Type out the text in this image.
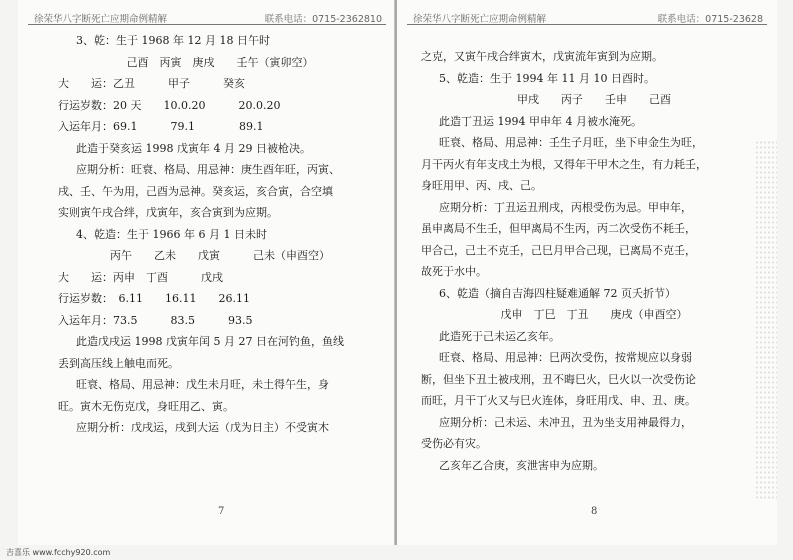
徐荣华八字断死亡应期命例精解	联系电话：0715-2362810
3、乾：生于 1968 年 12 月 18 日午时
己酉　丙寅　庚戌　　壬午（寅卯空）
大　　运：乙丑　　　甲子　　　癸亥
行运岁数：20 天　　10.0.20　　　20.0.20
入运年月：69.1　　　79.1　　　　89.1
此造于癸亥运 1998 戊寅年 4 月 29 日被枪决。
应期分析：旺衰、格局、用忌神：庚生酉年旺，丙寅、
戌、壬、午为用，己酉为忌神。癸亥运，亥合寅，合空填
实则寅午戌合绊，戊寅年，亥合寅到为应期。
4、乾造：生于 1966 年 6 月 1 日未时
丙午　　乙未　　戊寅　　　己未（申酉空）
大　　运：丙申　丁酉　　　戊戌
行运岁数：　6.11　　16.11　　26.11
入运年月：73.5　　　83.5　　　93.5
此造戊戌运 1998 戊寅年闰 5 月 27 日在河钓鱼，鱼线
丢到高压线上触电而死。
旺衰、格局、用忌神：戊生未月旺，未土得午生，身
旺。寅木无伤克戊，身旺用乙、寅。
应期分析：戊戌运，戌到大运（戊为日主）不受寅木
7
徐荣华八字断死亡应期命例精解	联系电话：0715-23628
之克，又寅午戌合绊寅木，戊寅流年寅到为应期。
5、乾造：生于 1994 年 11 月 10 日酉时。
甲戌　　丙子　　壬申　　己酉
此造丁丑运 1994 甲申年 4 月被水淹死。
旺衰、格局、用忌神：壬生子月旺，坐下申金生为旺，
月干丙火有年支戌土为根，又得年干甲木之生，有力耗壬，
身旺用甲、丙、戌、己。
应期分析：丁丑运丑刑戌，丙根受伤为忌。甲申年，
虽申离局不生壬，但甲离局不生丙，丙二次受伤不耗壬，
甲合己，己土不克壬，己巳月甲合己现，已离局不克壬，
故死于水中。
6、乾造（摘自吉海四柱疑难通解 72 页夭折节）
戊申　丁巳　丁丑　　庚戌（申酉空）
此造死于己未运乙亥年。
旺衰、格局、用忌神：巳两次受伤，按常规应以身弱
断，但坐下丑土被戌刑，丑不晦巳火，巳火以一次受伤论
而旺，月干丁火又与巳火连体，身旺用戊、申、丑、庚。
应期分析：己未运、未冲丑，丑为坐支用神最得力，
受伤必有灾。
乙亥年乙合庚，亥泄害申为应期。
8
吉喜乐 www.fcchy920.com
